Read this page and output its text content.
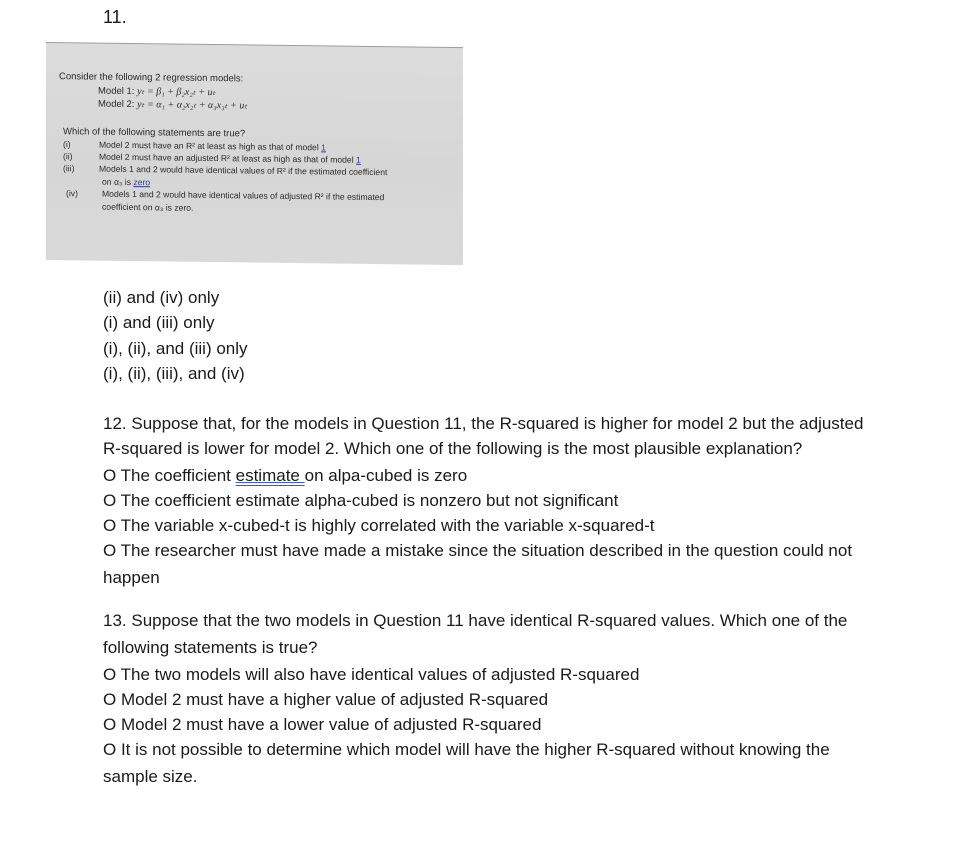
11.
Consider the following 2 regression models:
Model 1: yₜ = β₁ + β₂x₂ₜ + uₜ
Model 2: yₜ = α₁ + α₂x₂ₜ + α₃x₃ₜ + uₜ
Which of the following statements are true?
(i)	Model 2 must have an R² at least as high as that of model 1
(ii)	Model 2 must have an adjusted R² at least as high as that of model 1
(iii)	Models 1 and 2 would have identical values of R² if the estimated coefficient
on α₃ is zero
(iv)	Models 1 and 2 would have identical values of adjusted R² if the estimated
coefficient on α₃ is zero.
(ii) and (iv) only
(i) and (iii) only
(i), (ii), and (iii) only
(i), (ii), (iii), and (iv)
12. Suppose that, for the models in Question 11, the R-squared is higher for model 2 but the adjusted
R-squared is lower for model 2. Which one of the following is the most plausible explanation?
O The coefficient estimate on alpa-cubed is zero
O The coefficient estimate alpha-cubed is nonzero but not significant
O The variable x-cubed-t is highly correlated with the variable x-squared-t
O The researcher must have made a mistake since the situation described in the question could not
happen
13. Suppose that the two models in Question 11 have identical R-squared values. Which one of the
following statements is true?
O The two models will also have identical values of adjusted R-squared
O Model 2 must have a higher value of adjusted R-squared
O Model 2 must have a lower value of adjusted R-squared
O It is not possible to determine which model will have the higher R-squared without knowing the
sample size.
